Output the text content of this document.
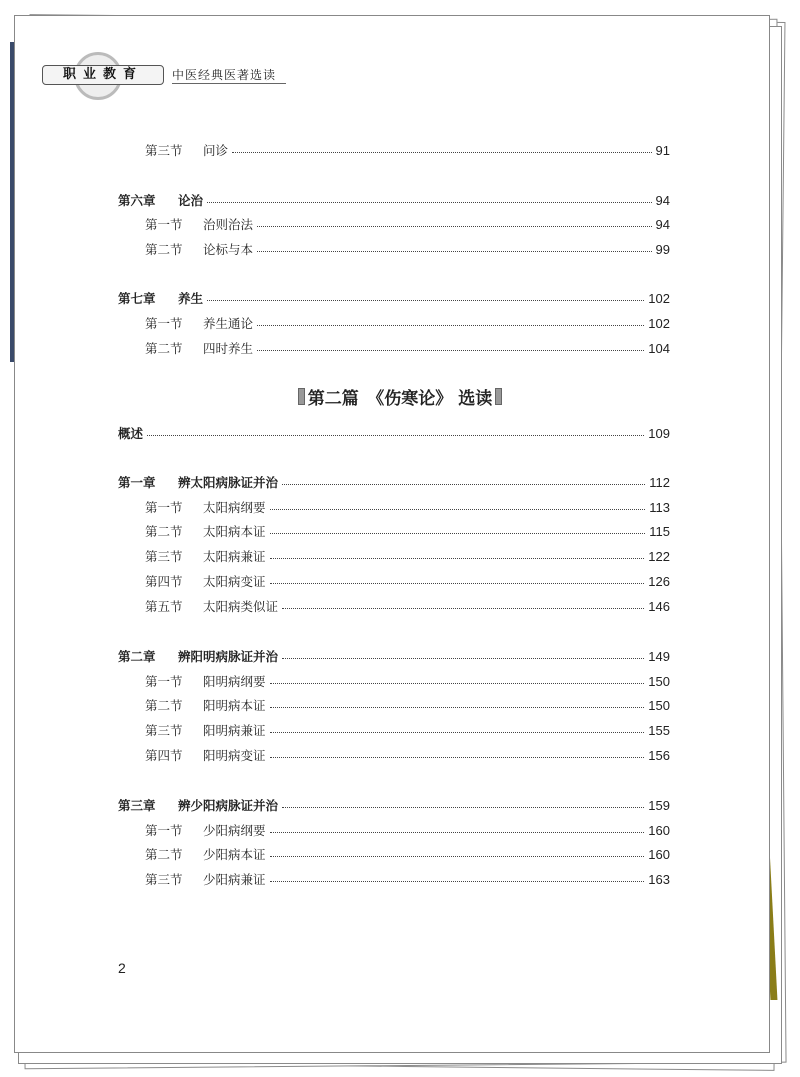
职业教育	中医经典医著选读
第二篇　《伤寒论》 选读
第三节	问诊	91
第六章	论治	94
第一节	治则治法	94
第二节	论标与本	99
第七章	养生	102
第一节	养生通论	102
第二节	四时养生	104
概述	109
第一章	辨太阳病脉证并治	112
第一节	太阳病纲要	113
第二节	太阳病本证	115
第三节	太阳病兼证	122
第四节	太阳病变证	126
第五节	太阳病类似证	146
第二章	辨阳明病脉证并治	149
第一节	阳明病纲要	150
第二节	阳明病本证	150
第三节	阳明病兼证	155
第四节	阳明病变证	156
第三章	辨少阳病脉证并治	159
第一节	少阳病纲要	160
第二节	少阳病本证	160
第三节	少阳病兼证	163
2
